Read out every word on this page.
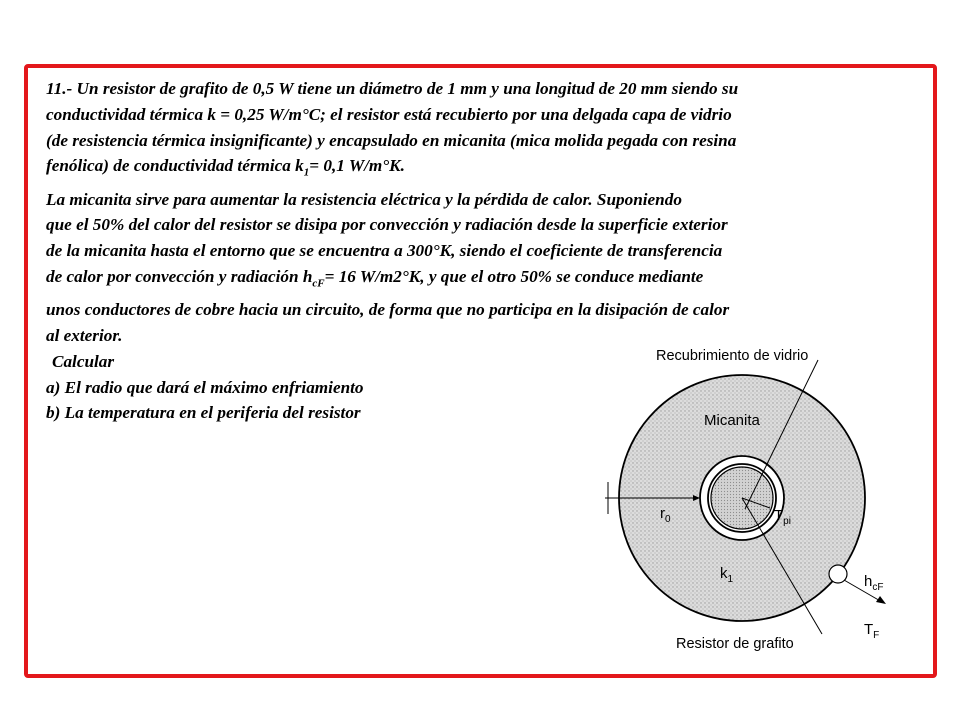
11.- Un resistor de grafito de 0,5 W tiene un diámetro de 1 mm y una longitud de 20 mm siendo su

conductividad térmica k = 0,25 W/m°C; el resistor está recubierto por una delgada capa de vidrio

(de resistencia térmica insignificante) y encapsulado en micanita (mica molida pegada con resina

fenólica) de conductividad térmica $k_1= 0,1$ W/m°K.

La micanita sirve para aumentar la resistencia eléctrica y la pérdida de calor. Suponiendo

que el 50% del calor del resistor se disipa por convección y radiación desde la superficie exterior

de la micanita hasta el entorno que se encuentra a 300°K, siendo el coeficiente de transferencia

de calor por convección y radiación $h_{cF}= 16$ W/m2°K, y que el otro 50% se conduce mediante

unos conductores de cobre hacia un circuito, de forma que no participa en la disipación de calor

al exterior.

Calcular

a) El radio que dará el máximo enfriamiento

b) La temperatura en el periferia del resistor

Recubrimiento de vidrio
Micanita
$r_0$	$T_{pi}$
$k_1$	$h_{cF}$
$T_F$
Resistor de grafito
